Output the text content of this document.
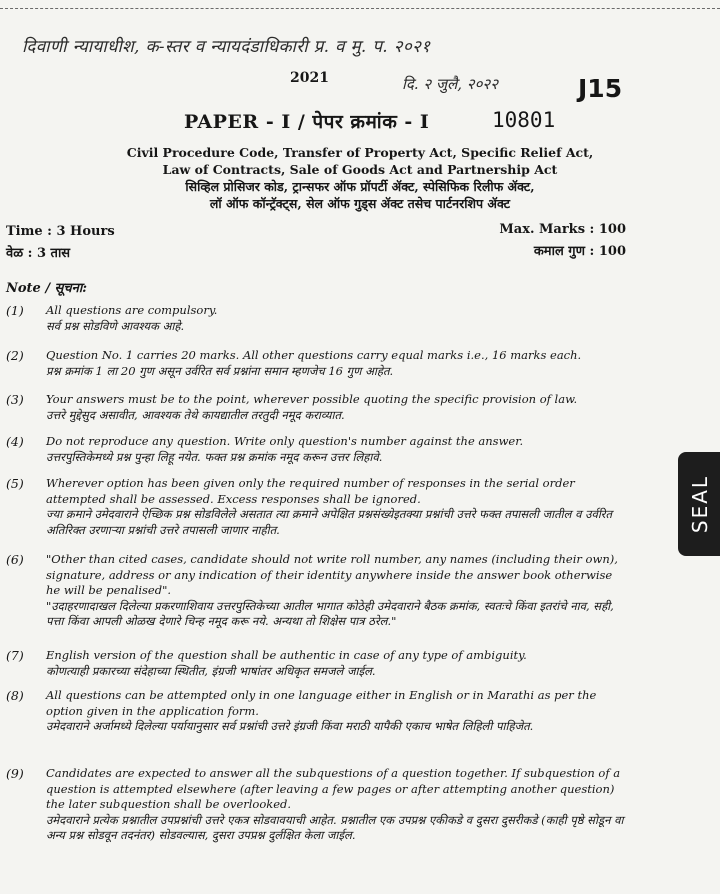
दिवाणी न्यायाधीश, क-स्तर व न्यायदंडाधिकारी प्र. व मु. प. २०२१
दि. २ जुलै, २०२२
2021	J15
PAPER - I / पेपर क्रमांक - I	10801
Civil Procedure Code, Transfer of Property Act, Specific Relief Act,
Law of Contracts, Sale of Goods Act and Partnership Act
सिव्हिल प्रोसिजर कोड, ट्रान्सफर ऑफ प्रॉपर्टी ॲक्ट, स्पेसिफिक रिलीफ ॲक्ट,
लॉ ऑफ कॉन्ट्रॅक्ट्स, सेल ऑफ गुड्स ॲक्ट तसेच पार्टनरशिप ॲक्ट
Time : 3 Hours
वेळ : 3 तास
Max. Marks : 100
कमाल गुण : 100
Note / सूचना:
(1) All questions are compulsory.
सर्व प्रश्न सोडविणे आवश्यक आहे.
(2) Question No. 1 carries 20 marks. All other questions carry equal marks i.e., 16 marks each.
प्रश्न क्रमांक 1 ला 20 गुण असून उर्वरित सर्व प्रश्नांना समान म्हणजेच 16 गुण आहेत.
(3) Your answers must be to the point, wherever possible quoting the specific provision of law.
उत्तरे मुद्देसुद असावीत, आवश्यक तेथे कायद्यातील तरतुदी नमूद कराव्यात.
(4) Do not reproduce any question. Write only question's number against the answer.
उत्तरपुस्तिकेमध्ये प्रश्न पुन्हा लिहू नयेत. फक्त प्रश्न क्रमांक नमूद करून उत्तर लिहावे.
(5) Wherever option has been given only the required number of responses in the serial order attempted shall be assessed. Excess responses shall be ignored.
ज्या क्रमाने उमेदवाराने ऐच्छिक प्रश्न सोडविलेले असतात त्या क्रमाने अपेक्षित प्रश्नसंख्येइतक्या प्रश्नांची उत्तरे फक्त तपासली जातील व उर्वरित अतिरिक्त उरणाऱ्या प्रश्नांची उत्तरे तपासली जाणार नाहीत.
(6) "Other than cited cases, candidate should not write roll number, any names (including their own), signature, address or any indication of their identity anywhere inside the answer book otherwise he will be penalised".
"उदाहरणादाखल दिलेल्या प्रकरणाशिवाय उत्तरपुस्तिकेच्या आतील भागात कोठेही उमेदवाराने बैठक क्रमांक, स्वतःचे किंवा इतरांचे नाव, सही, पत्ता किंवा आपली ओळख देणारे चिन्ह नमूद करू नये. अन्यथा तो शिक्षेस पात्र ठरेल."
(7) English version of the question shall be authentic in case of any type of ambiguity.
कोणत्याही प्रकारच्या संदेहाच्या स्थितीत, इंग्रजी भाषांतर अधिकृत समजले जाईल.
(8) All questions can be attempted only in one language either in English or in Marathi as per the option given in the application form.
उमेदवाराने अर्जामध्ये दिलेल्या पर्यायानुसार सर्व प्रश्नांची उत्तरे इंग्रजी किंवा मराठी यापैकी एकाच भाषेत लिहिली पाहिजेत.
(9) Candidates are expected to answer all the subquestions of a question together. If subquestion of a question is attempted elsewhere (after leaving a few pages or after attempting another question) the later subquestion shall be overlooked.
उमेदवाराने प्रत्येक प्रश्नातील उपप्रश्नांची उत्तरे एकत्र सोडवावयाची आहेत. प्रश्नातील एक उपप्रश्न एकीकडे व दुसरा दुसरीकडे (काही पृष्ठे सोडून वा अन्य प्रश्न सोडवून तदनंतर) सोडवल्यास, दुसरा उपप्रश्न दुर्लक्षित केला जाईल.
SEAL
